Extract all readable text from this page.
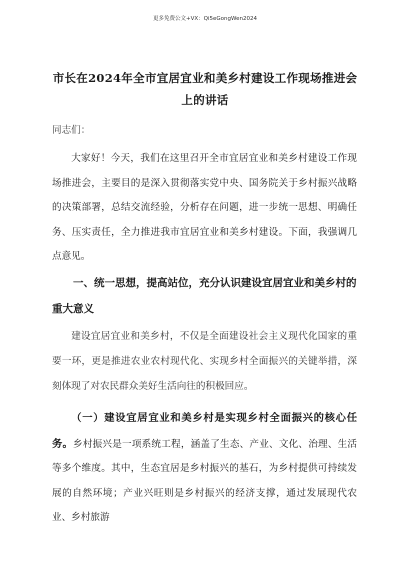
更多免费公文+VX：Qi5eGongWen2024
市长在2024年全市宜居宜业和美乡村建设工作现场推进会上的讲话
同志们：
大家好！今天，我们在这里召开全市宜居宜业和美乡村建设工作现场推进会，主要目的是深入贯彻落实党中央、国务院关于乡村振兴战略的决策部署，总结交流经验，分析存在问题，进一步统一思想、明确任务、压实责任，全力推进我市宜居宜业和美乡村建设。下面，我强调几点意见。
一、统一思想，提高站位，充分认识建设宜居宜业和美乡村的重大意义
建设宜居宜业和美乡村，不仅是全面建设社会主义现代化国家的重要一环，更是推进农业农村现代化、实现乡村全面振兴的关键举措，深刻体现了对农民群众美好生活向往的积极回应。
（一）建设宜居宜业和美乡村是实现乡村全面振兴的核心任务。乡村振兴是一项系统工程，涵盖了生态、产业、文化、治理、生活等多个维度。其中，生态宜居是乡村振兴的基石，为乡村提供可持续发展的自然环境；产业兴旺则是乡村振兴的经济支撑，通过发展现代农业、乡村旅游
